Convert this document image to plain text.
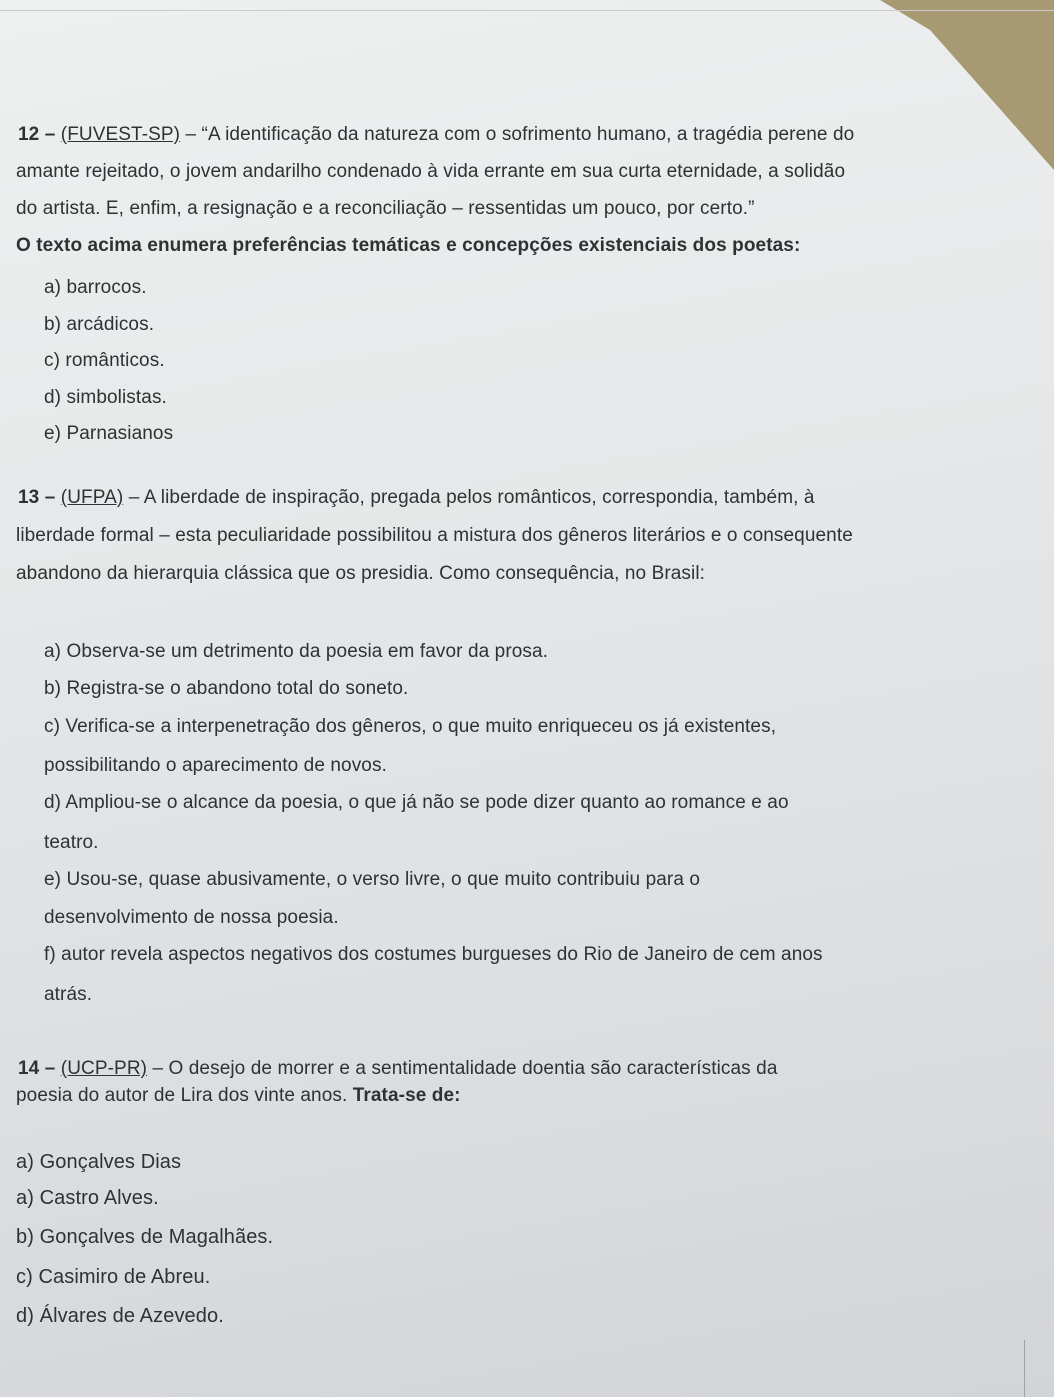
12 – (FUVEST-SP) – “A identificação da natureza com o sofrimento humano, a tragédia perene do
amante rejeitado, o jovem andarilho condenado à vida errante em sua curta eternidade, a solidão
do artista. E, enfim, a resignação e a reconciliação – ressentidas um pouco, por certo.”
O texto acima enumera preferências temáticas e concepções existenciais dos poetas:
a) barrocos.
b) arcádicos.
c) românticos.
d) simbolistas.
e) Parnasianos
13 – (UFPA) – A liberdade de inspiração, pregada pelos românticos, correspondia, também, à
liberdade formal – esta peculiaridade possibilitou a mistura dos gêneros literários e o consequente
abandono da hierarquia clássica que os presidia. Como consequência, no Brasil:
a) Observa-se um detrimento da poesia em favor da prosa.
b) Registra-se o abandono total do soneto.
c) Verifica-se a interpenetração dos gêneros, o que muito enriqueceu os já existentes,
possibilitando o aparecimento de novos.
d) Ampliou-se o alcance da poesia, o que já não se pode dizer quanto ao romance e ao
teatro.
e) Usou-se, quase abusivamente, o verso livre, o que muito contribuiu para o
desenvolvimento de nossa poesia.
f) autor revela aspectos negativos dos costumes burgueses do Rio de Janeiro de cem anos
atrás.
14 – (UCP-PR) – O desejo de morrer e a sentimentalidade doentia são características da
poesia do autor de Lira dos vinte anos. Trata-se de:
a) Gonçalves Dias
a) Castro Alves.
b) Gonçalves de Magalhães.
c) Casimiro de Abreu.
d) Álvares de Azevedo.
